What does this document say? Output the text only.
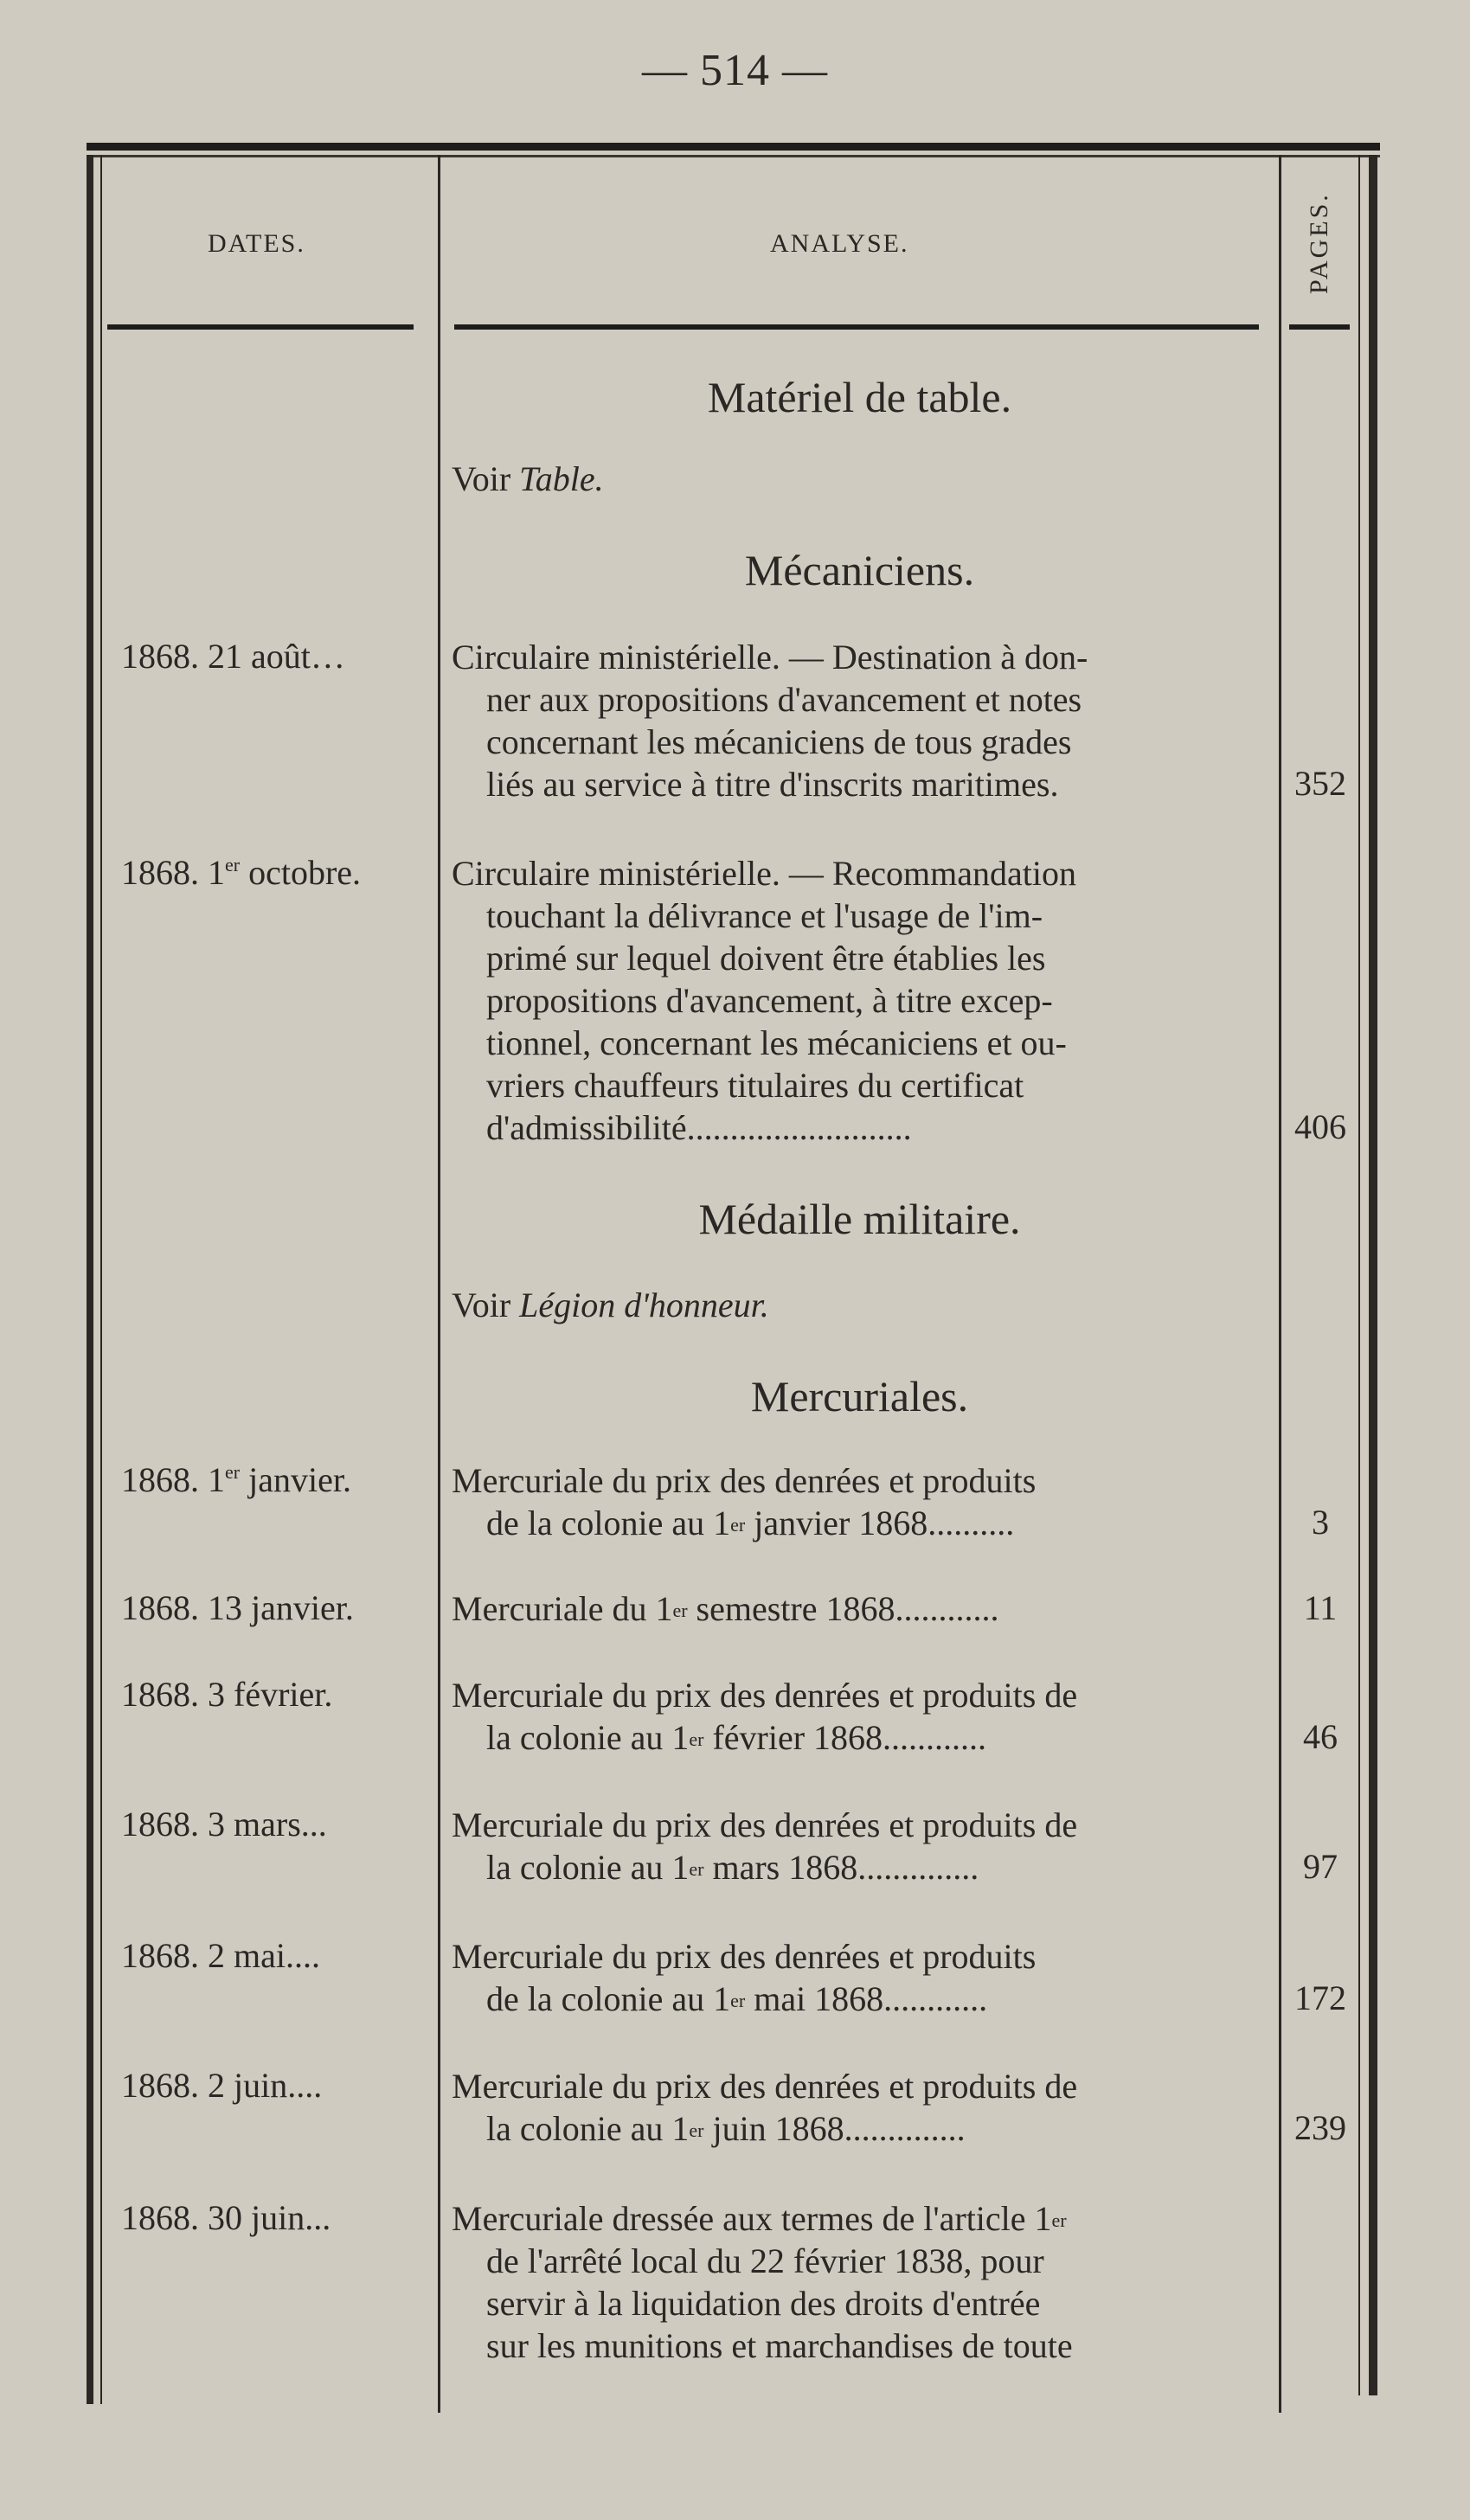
— 514 —
DATES.	ANALYSE.	PAGES.
Matériel de table.
Voir Table.
Mécaniciens.
1868. 21 août…	Circulaire ministérielle. — Destination à don-
ner aux propositions d'avancement et notes
concernant les mécaniciens de tous grades
liés au service à titre d'inscrits maritimes.	352
1868. 1er octobre.	Circulaire ministérielle. — Recommandation
touchant la délivrance et l'usage de l'im-
primé sur lequel doivent être établies les
propositions d'avancement, à titre excep-
tionnel, concernant les mécaniciens et ou-
vriers chauffeurs titulaires du certificat
d'admissibilité..........................	406
Médaille militaire.
Voir Légion d'honneur.
Mercuriales.
1868. 1er janvier.	Mercuriale du prix des denrées et produits
de la colonie au 1er janvier 1868..........	3
1868. 13 janvier.	Mercuriale du 1er semestre 1868............	11
1868. 3 février.	Mercuriale du prix des denrées et produits de
la colonie au 1er février 1868............	46
1868. 3 mars...	Mercuriale du prix des denrées et produits de
la colonie au 1er mars 1868..............	97
1868. 2 mai....	Mercuriale du prix des denrées et produits
de la colonie au 1er mai 1868............	172
1868. 2 juin....	Mercuriale du prix des denrées et produits de
la colonie au 1er juin 1868..............	239
1868. 30 juin...	Mercuriale dressée aux termes de l'article 1er
de l'arrêté local du 22 février 1838, pour
servir à la liquidation des droits d'entrée
sur les munitions et marchandises de toute
